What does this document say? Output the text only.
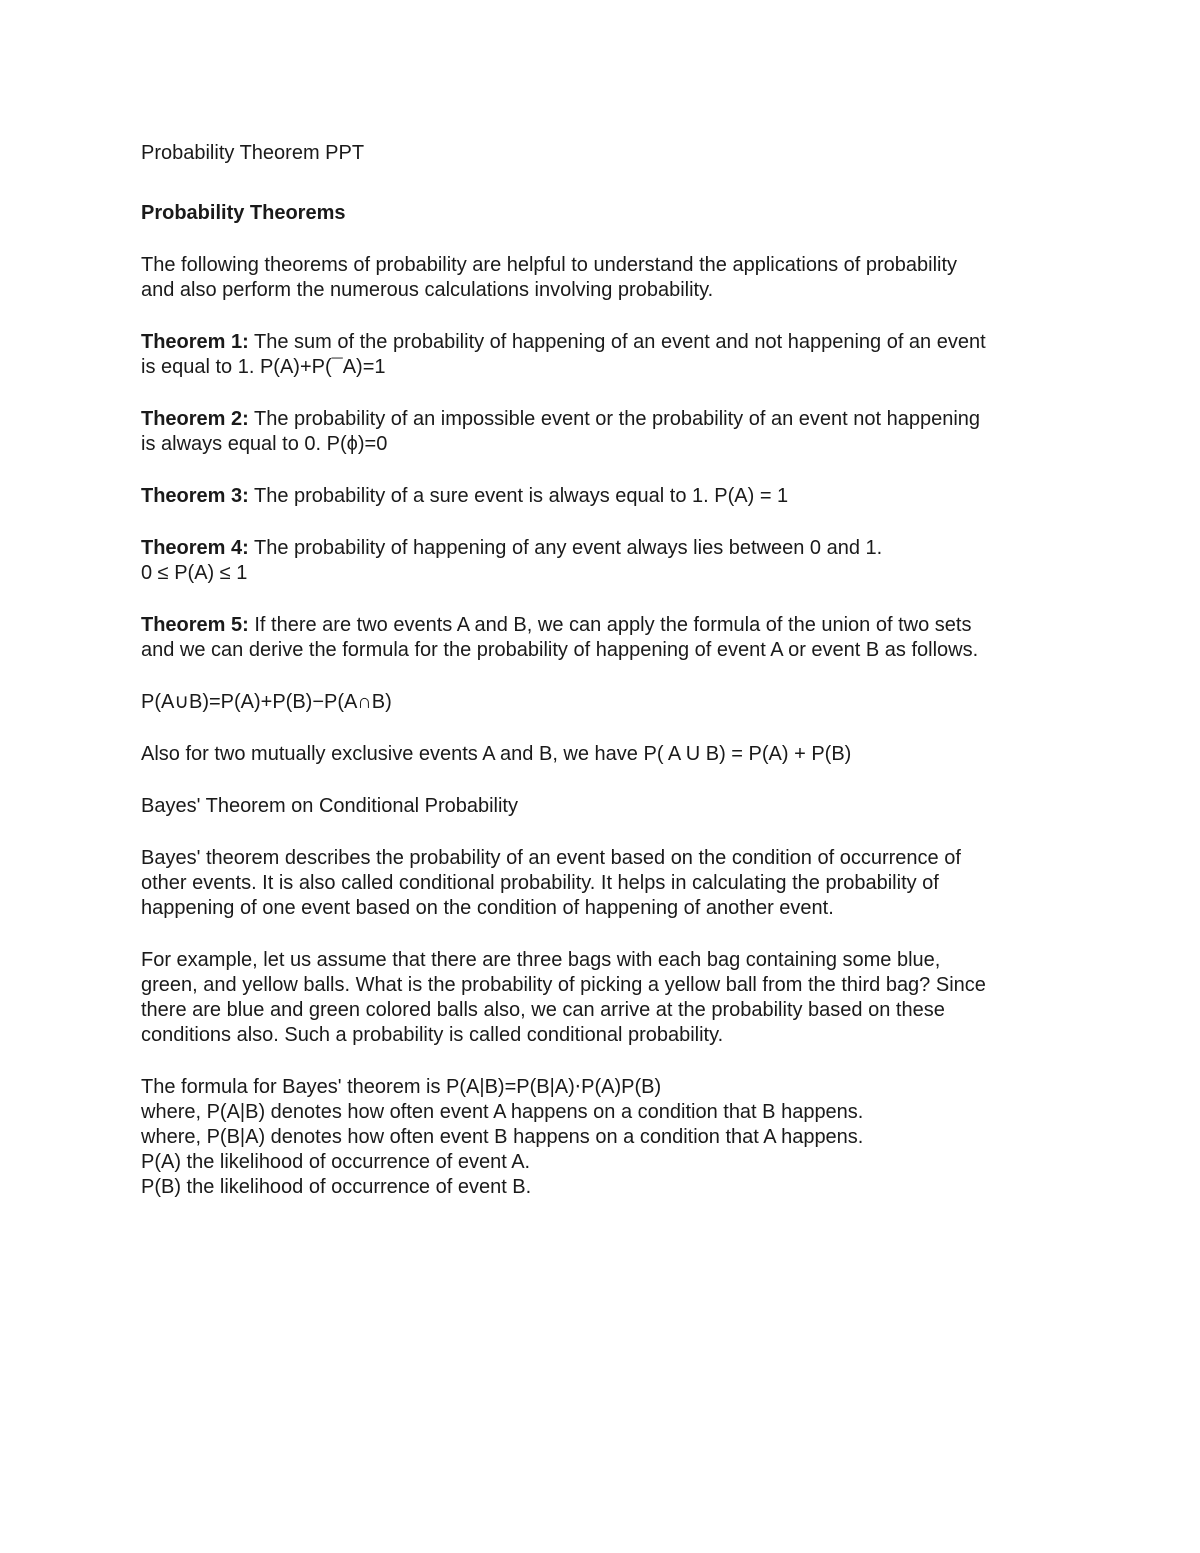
Probability Theorem PPT
Probability Theorems
The following theorems of probability are helpful to understand the applications of probability
and also perform the numerous calculations involving probability.
Theorem 1: The sum of the probability of happening of an event and not happening of an event
is equal to 1. P(A)+P(¯A)=1
Theorem 2: The probability of an impossible event or the probability of an event not happening
is always equal to 0. P(ϕ)=0
Theorem 3: The probability of a sure event is always equal to 1. P(A) = 1
Theorem 4: The probability of happening of any event always lies between 0 and 1.
0 ≤ P(A) ≤ 1
Theorem 5: If there are two events A and B, we can apply the formula of the union of two sets
and we can derive the formula for the probability of happening of event A or event B as follows.
P(A∪B)=P(A)+P(B)−P(A∩B)
Also for two mutually exclusive events A and B, we have P( A U B) = P(A) + P(B)
Bayes' Theorem on Conditional Probability
Bayes' theorem describes the probability of an event based on the condition of occurrence of
other events. It is also called conditional probability. It helps in calculating the probability of
happening of one event based on the condition of happening of another event.
For example, let us assume that there are three bags with each bag containing some blue,
green, and yellow balls. What is the probability of picking a yellow ball from the third bag? Since
there are blue and green colored balls also, we can arrive at the probability based on these
conditions also. Such a probability is called conditional probability.
The formula for Bayes' theorem is P(A|B)=P(B|A)⋅P(A)P(B)
where, P(A|B) denotes how often event A happens on a condition that B happens.
where, P(B|A) denotes how often event B happens on a condition that A happens.
P(A) the likelihood of occurrence of event A.
P(B) the likelihood of occurrence of event B.
